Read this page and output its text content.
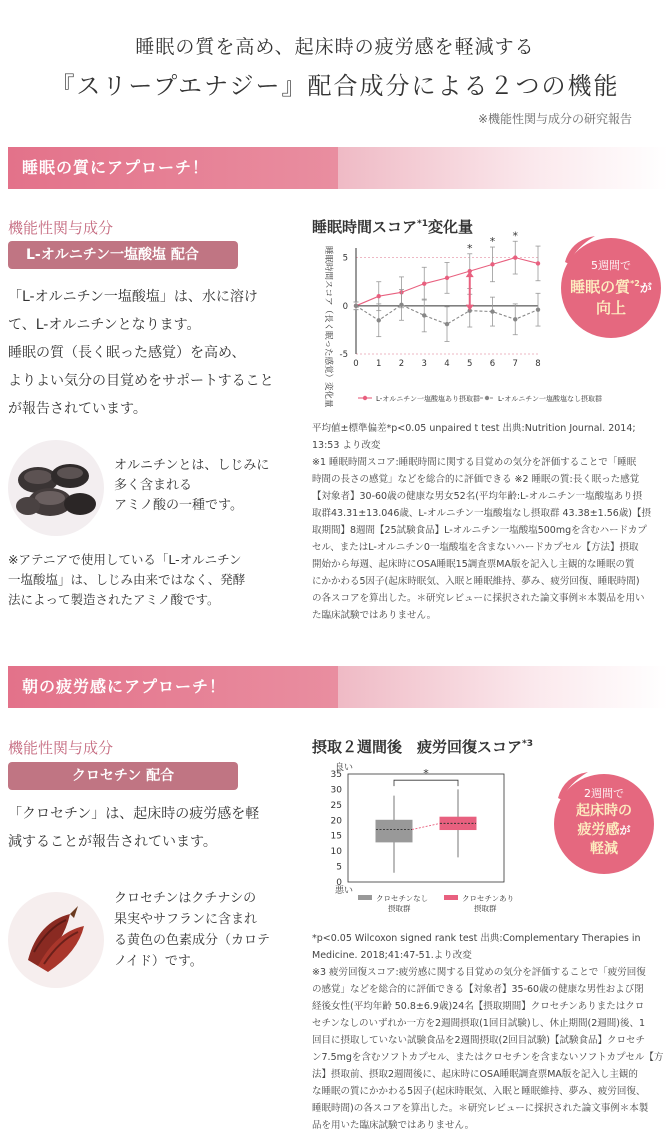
睡眠の質を高め、起床時の疲労感を軽減する
『スリープエナジー』配合成分による２つの機能
※機能性関与成分の研究報告
睡眠の質にアプローチ！
機能性関与成分
L-オルニチン一塩酸塩 配合
「L-オルニチン一塩酸塩」は、水に溶け
て、L-オルニチンとなります。
睡眠の質（長く眠った感覚）を高め、
よりよい気分の目覚めをサポートすること
が報告されています。
オルニチンとは、しじみに
多く含まれる
アミノ酸の一種です。
※アテニアで使用している「L-オルニチン
一塩酸塩」は、しじみ由来ではなく、発酵
法によって製造されたアミノ酸です。
睡眠時間スコア$^{*1}$変化量
睡眠時間スコア（長く眠った感覚）変化量 5
0
-5
0 1 2 3 4 5 6 7 8
*
* *
L-オルニチン一塩酸塩あり摂取群	L-オルニチン一塩酸塩なし摂取群
5週間で
睡眠の質$^{*2}$が
向上
平均値±標準偏差*p<0.05 unpaired t test 出典:Nutrition Journal. 2014;
13:53 より改変
※1 睡眠時間スコア:睡眠時間に関する目覚めの気分を評価することで「睡眠
時間の長さの感覚」などを総合的に評価できる ※2 睡眠の質:長く眠った感覚
【対象者】30-60歳の健康な男女52名(平均年齢:L-オルニチン一塩酸塩あり摂
取群43.31±13.046歳、L-オルニチン一塩酸塩なし摂取群 43.38±1.56歳)【摂
取期間】8週間【25試験食品】L-オルニチン一塩酸塩500mgを含むハードカプ
セル、またはL-オルニチン0一塩酸塩を含まないハードカプセル【方法】摂取
開始から毎週、起床時にOSA睡眠15調査票MA版を記入し主観的な睡眠の質
にかかわる5因子(起床時眠気、入眠と睡眠維持、夢み、疲労回復、睡眠時間)
の各スコアを算出した。＊研究レビューに採択された論文事例＊本製品を用い
た臨床試験ではありません。
朝の疲労感にアプローチ！
機能性関与成分
クロセチン 配合
「クロセチン」は、起床時の疲労感を軽
減することが報告されています。
クロセチンはクチナシの
果実やサフランに含まれ
る黄色の色素成分（カロテ
ノイド）です。
摂取２週間後　疲労回復スコア$^{*3}$
0
5
10
15
20
25
30
35
良い
悪い
*
クロセチンなし
摂取群
クロセチンあり
摂取群
2週間で
起床時の
疲労感が
軽減
*p<0.05 Wilcoxon signed rank test 出典:Complementary Therapies in
Medicine. 2018;41:47-51.より改変
※3 疲労回復スコア:疲労感に関する目覚めの気分を評価することで「疲労回復
の感覚」などを総合的に評価できる【対象者】35-60歳の健康な男性および閉
経後女性(平均年齢 50.8±6.9歳)24名【摂取期間】クロセチンありまたはクロ
セチンなしのいずれか一方を2週間摂取(1回目試験)し、休止期間(2週間)後、1
回目に摂取していない試験食品を2週間摂取(2回目試験)【試験食品】クロセチ
ン7.5mgを含むソフトカプセル、またはクロセチンを含まないソフトカプセル【方
法】摂取前、摂取2週間後に、起床時にOSA睡眠調査票MA版を記入し主観的
な睡眠の質にかかわる5因子(起床時眠気、入眠と睡眠維持、夢み、疲労回復、
睡眠時間)の各スコアを算出した。＊研究レビューに採択された論文事例＊本製
品を用いた臨床試験ではありません。
